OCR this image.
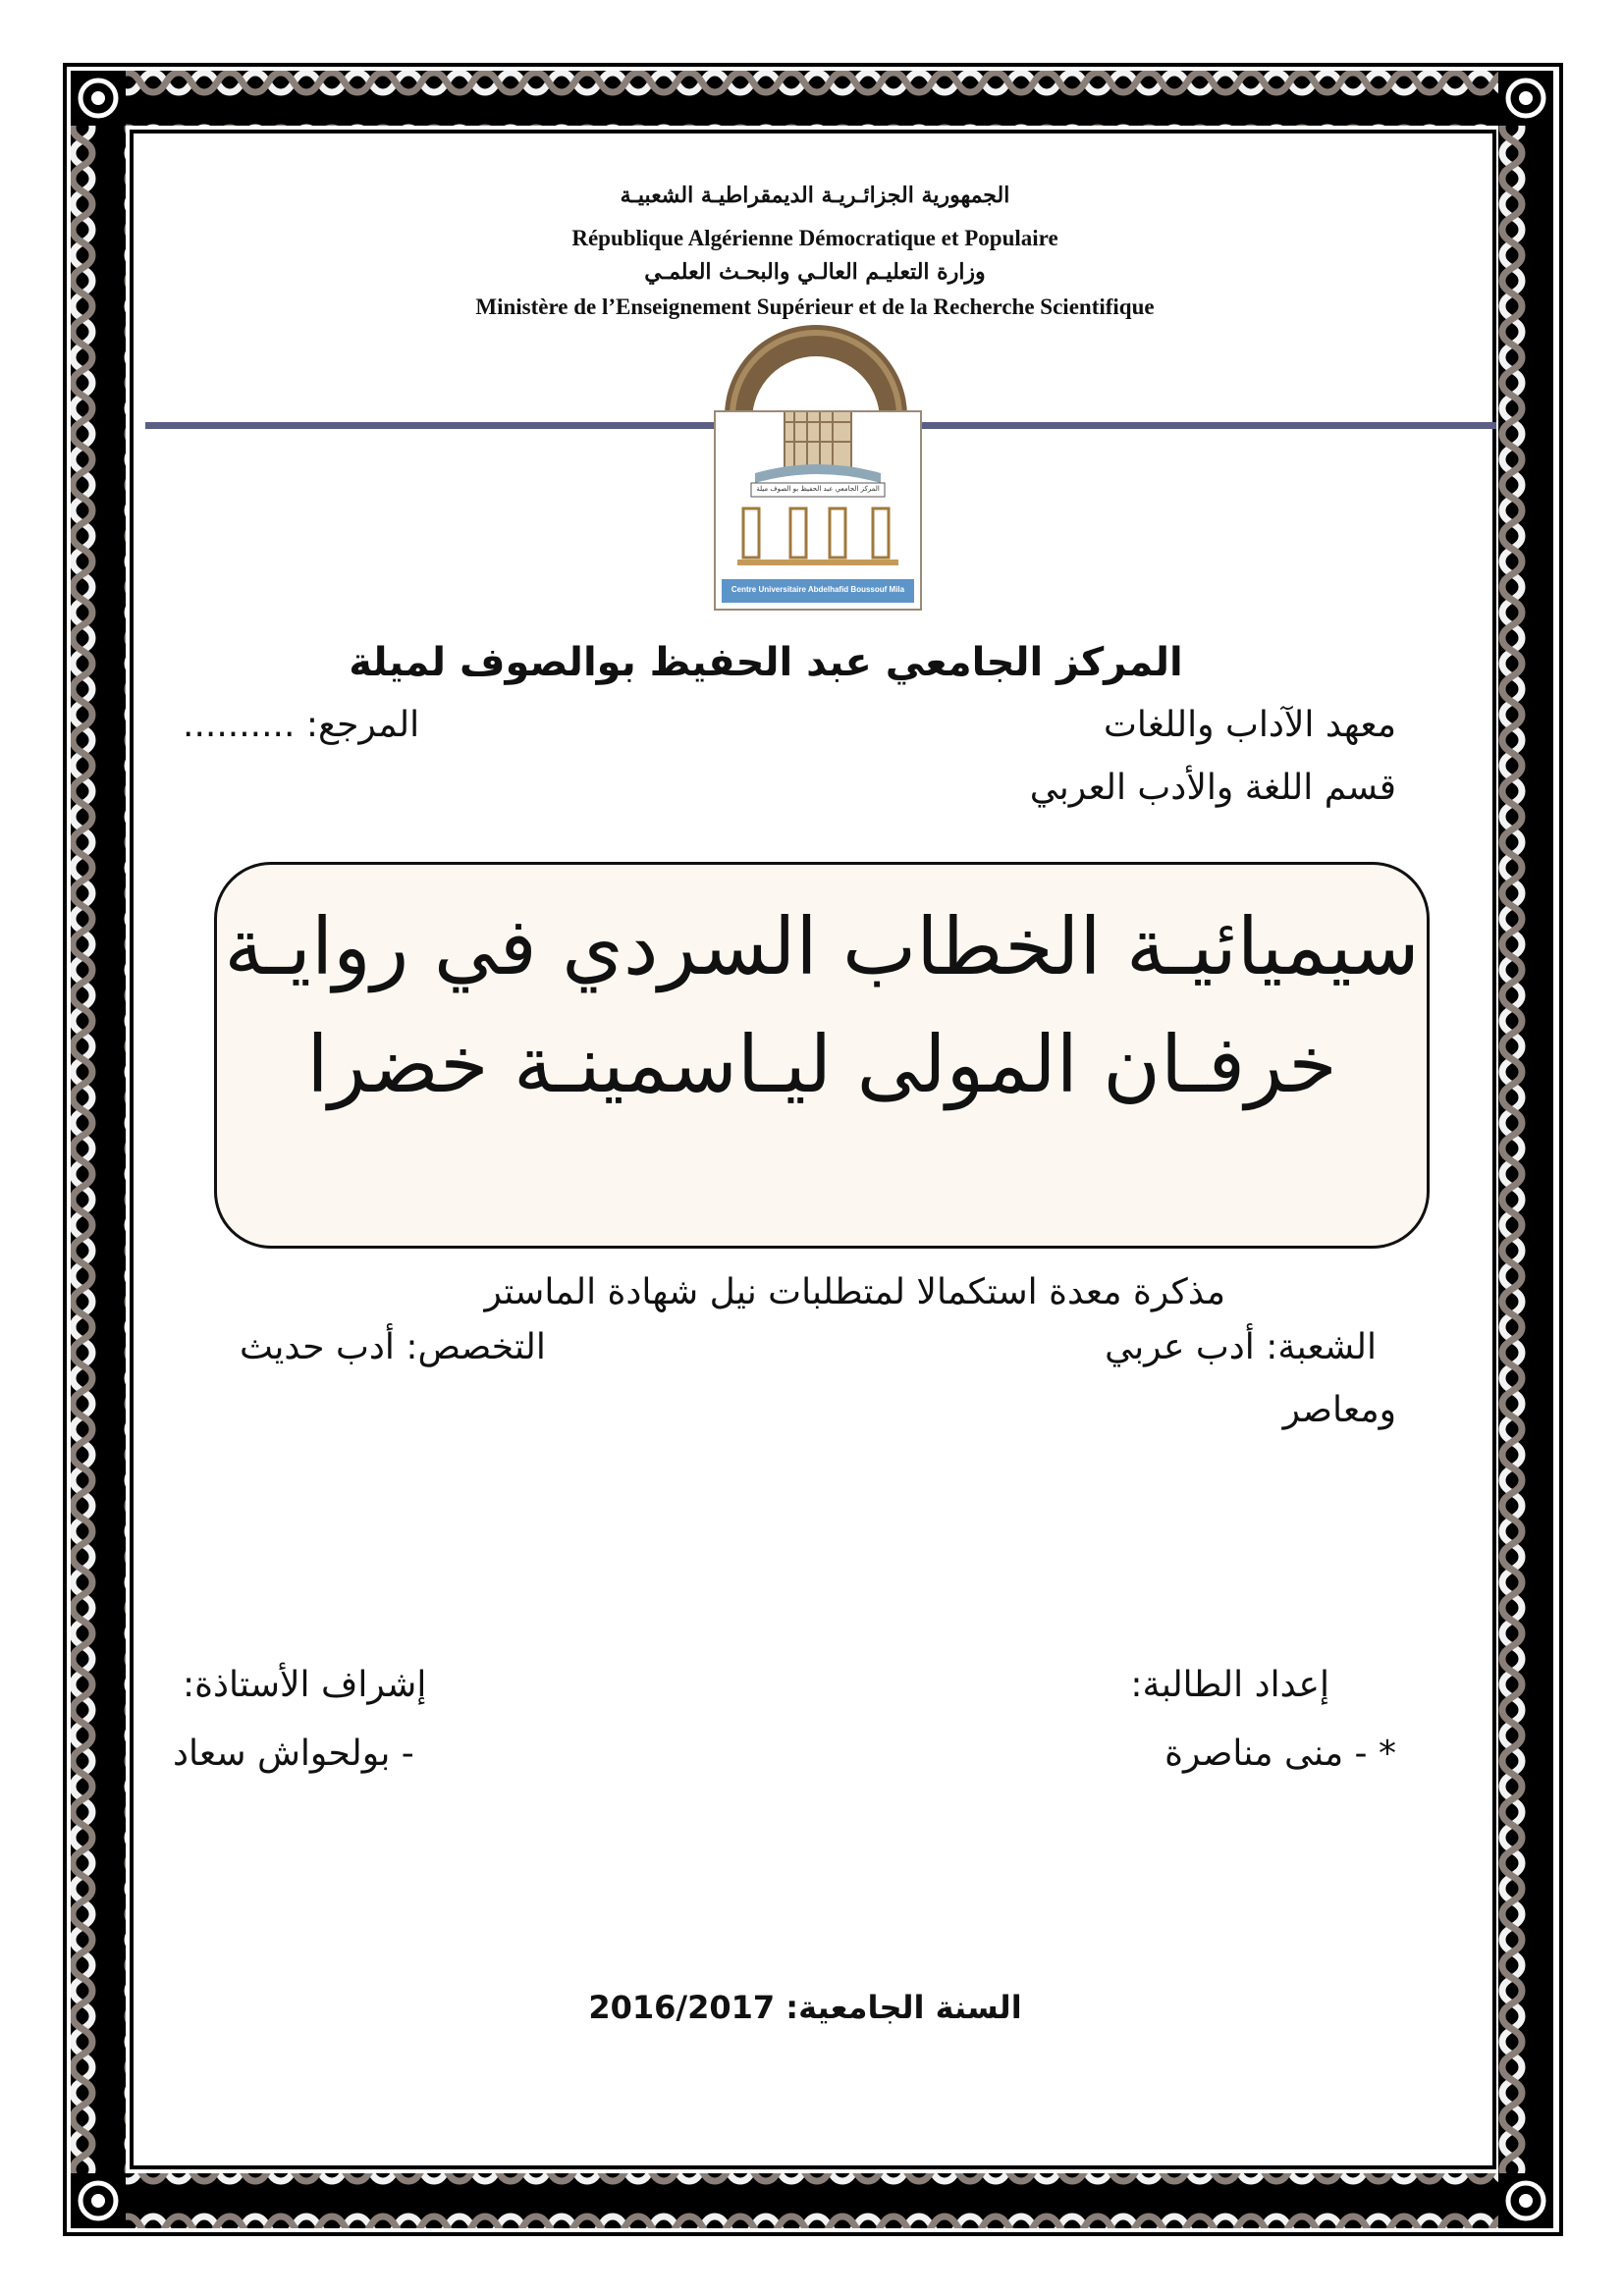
الجمهورية الجزائـريـة الديمقراطيـة الشعبيـة
République Algérienne Démocratique et Populaire
وزارة التعليـم العالـي والبحـث العلمـي
Ministère de l’Enseignement Supérieur et de la Recherche Scientifique
المركز الجامعي عبد الحفيظ بو الصوف ميلة
Centre Universitaire Abdelhafid Boussouf Mila
المركز الجامعي عبد الحفيظ بوالصوف لميلة
معهد الآداب واللغات
المرجع: ..........
قسم اللغة والأدب العربي
سيميائيـة الخطاب السردي في روايـة
خرفـان المولى ليـاسمينـة خضرا
مذكرة معدة استكمالا لمتطلبات نيل شهادة الماستر
الشعبة: أدب عربي
التخصص: أدب حديث
ومعاصر
إعداد الطالبة:
إشراف الأستاذة:
* - منى مناصرة
- بولحواش سعاد
السنة الجامعية: 2016/2017
